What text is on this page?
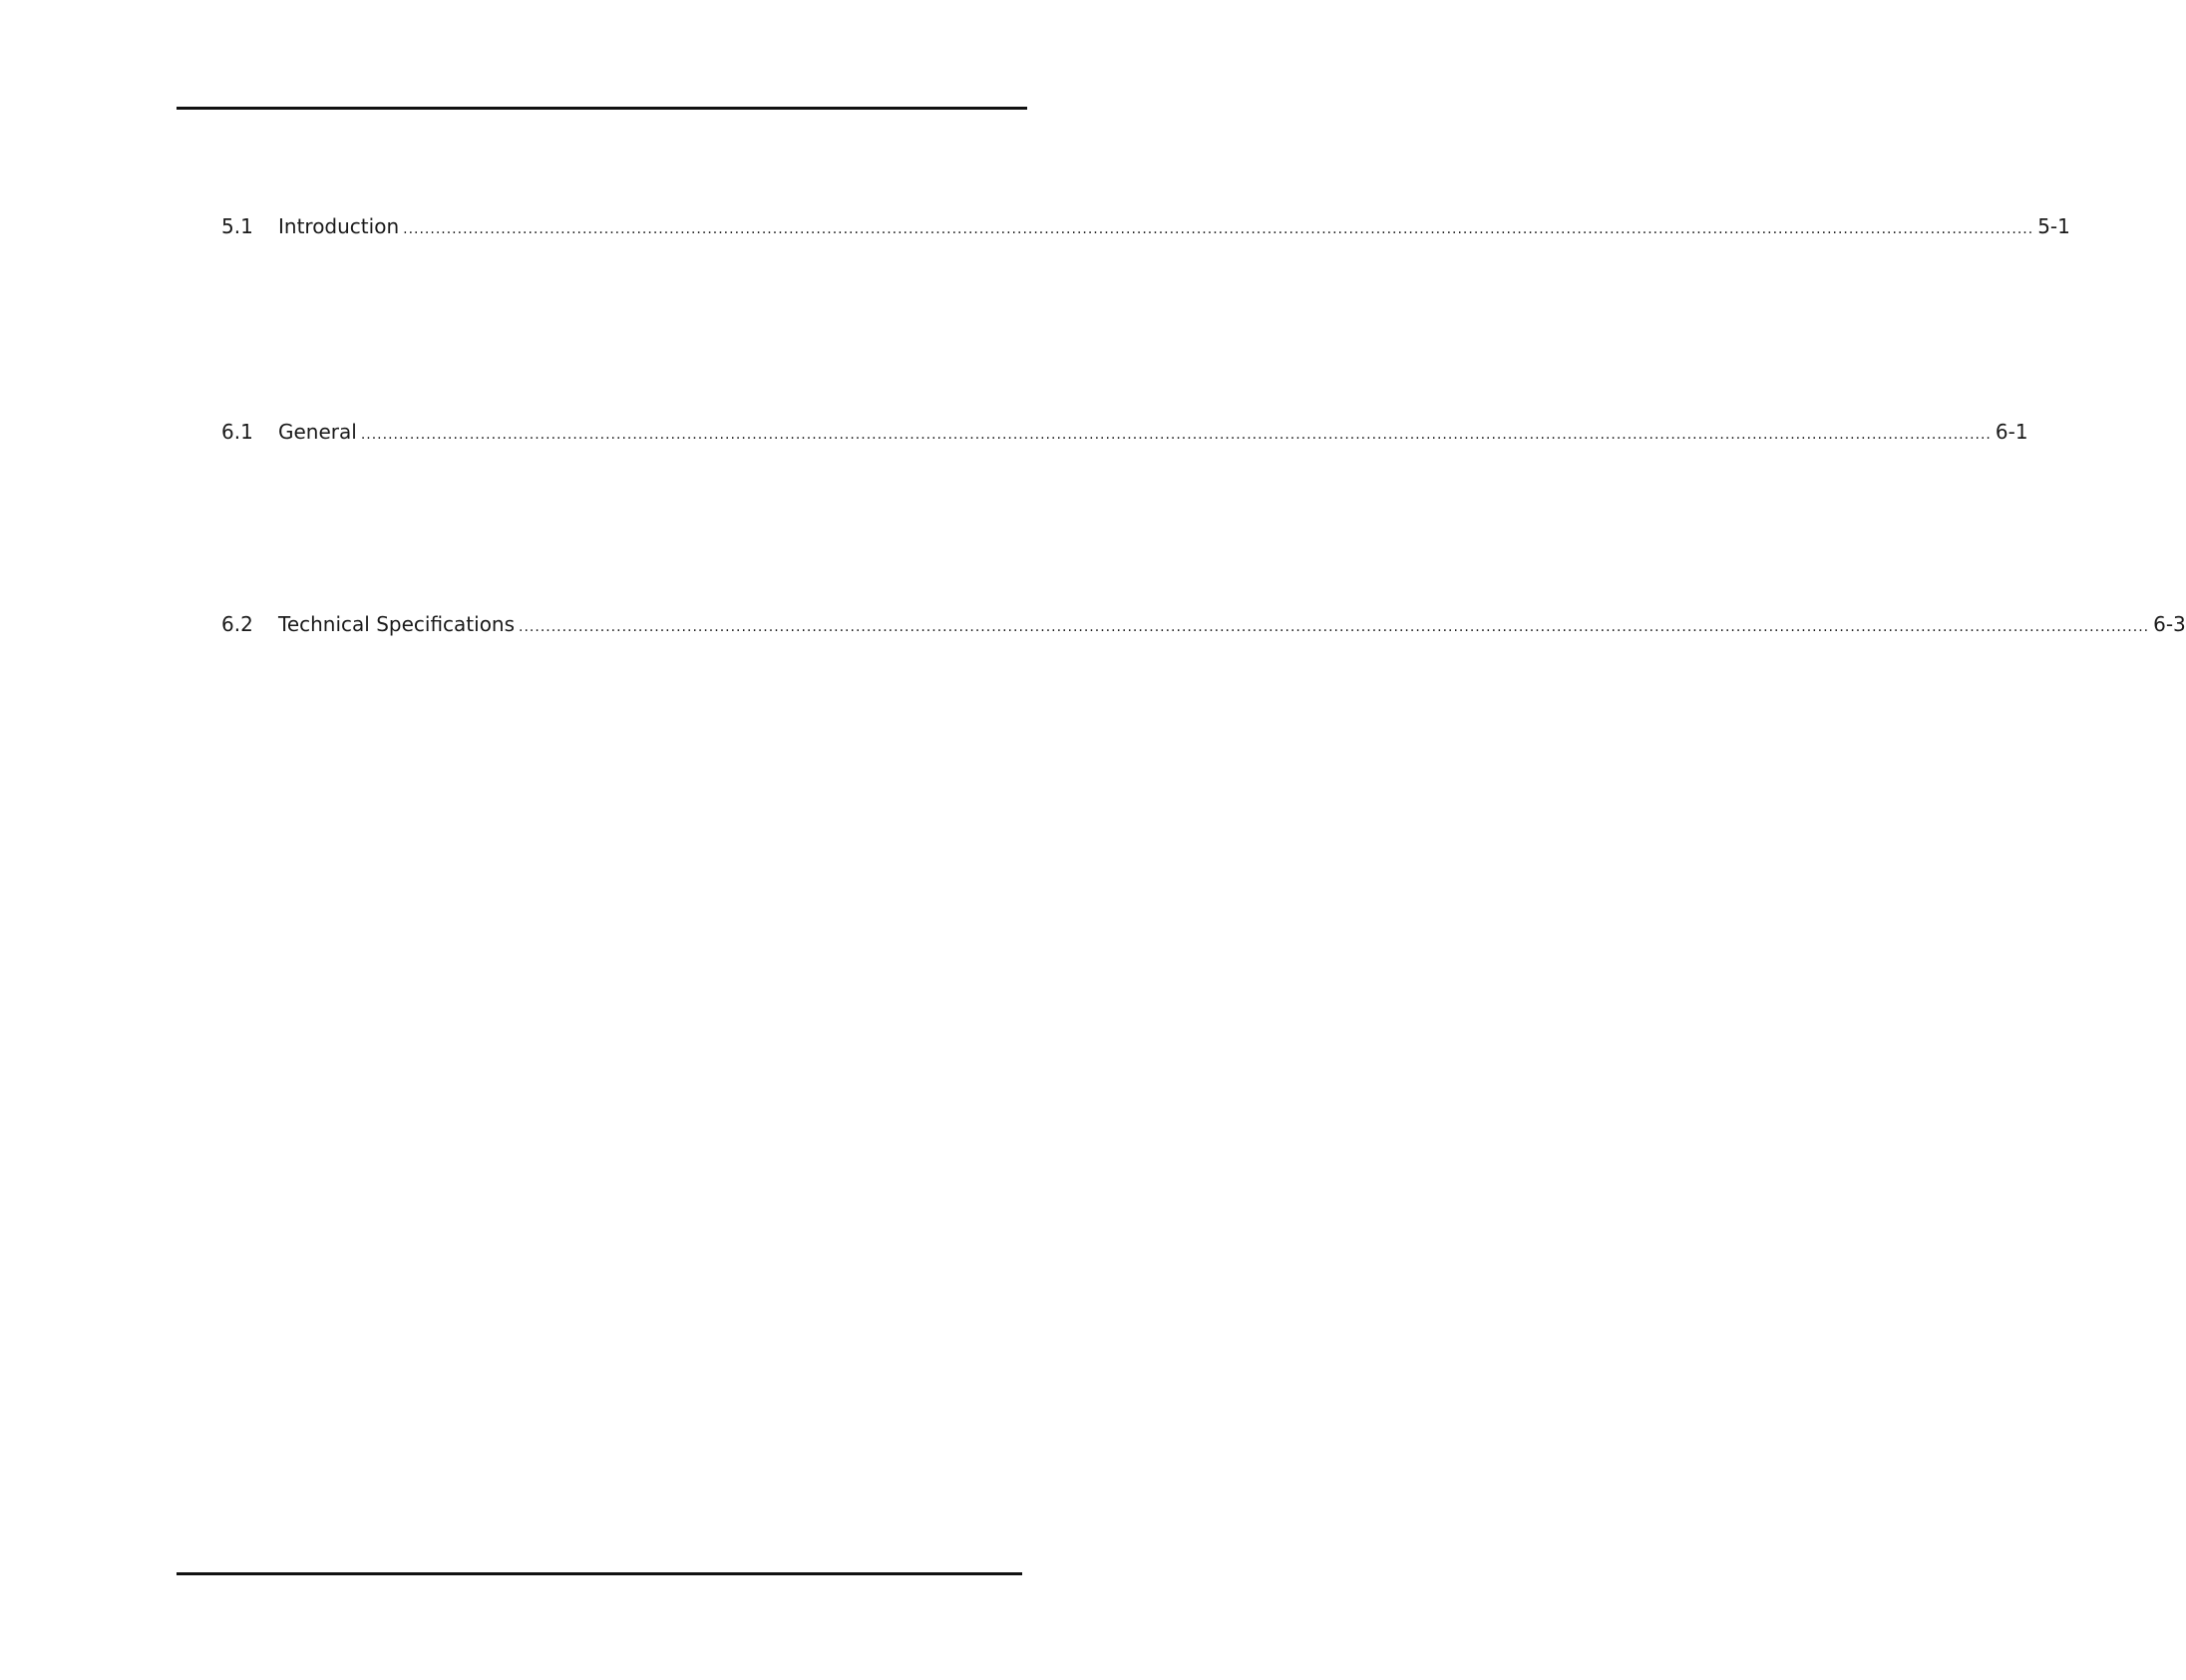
5.1	Introduction ............................................................................................................................................................................................................................................................................................................ 5-1
6.1	General ............................................................................................................................................................................................................................................................................................................ 6-1
6.2	Technical Specifications ............................................................................................................................................................................................................................................................................................................ 6-3
